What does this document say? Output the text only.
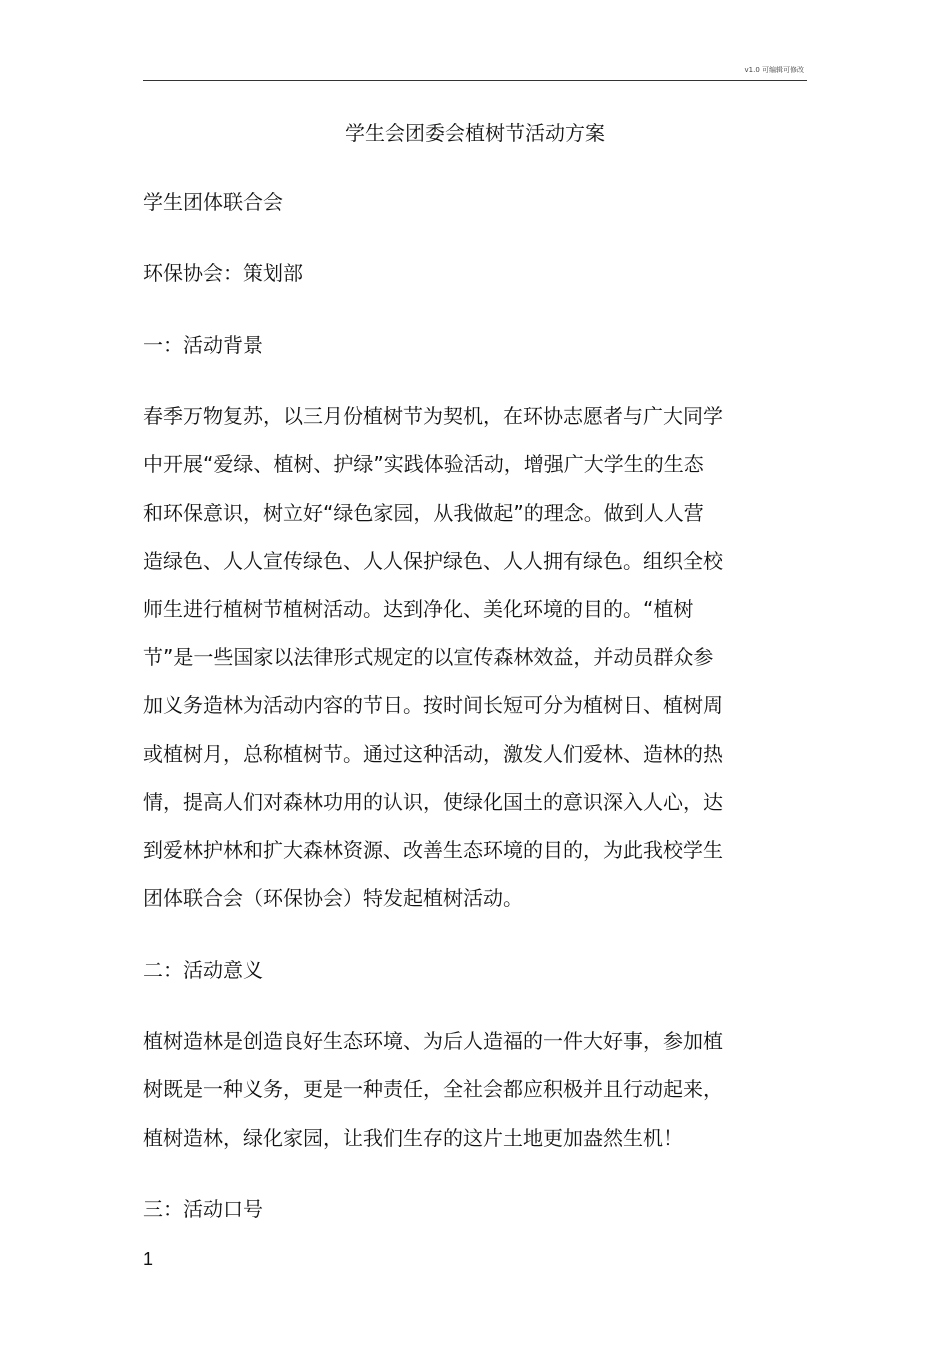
v1.0 可编辑可修改
学生会团委会植树节活动方案

学生团体联合会

环保协会：策划部

一：活动背景

春季万物复苏，以三月份植树节为契机，在环协志愿者与广大同学

中开展“爱绿、植树、护绿”实践体验活动，增强广大学生的生态

和环保意识，树立好“绿色家园，从我做起”的理念。做到人人营

造绿色、人人宣传绿色、人人保护绿色、人人拥有绿色。组织全校

师生进行植树节植树活动。达到净化、美化环境的目的。“植树

节”是一些国家以法律形式规定的以宣传森林效益，并动员群众参

加义务造林为活动内容的节日。按时间长短可分为植树日、植树周

或植树月，总称植树节。通过这种活动，激发人们爱林、造林的热

情，提高人们对森林功用的认识，使绿化国土的意识深入人心，达

到爱林护林和扩大森林资源、改善生态环境的目的，为此我校学生

团体联合会（环保协会）特发起植树活动。

二：活动意义

植树造林是创造良好生态环境、为后人造福的一件大好事，参加植

树既是一种义务，更是一种责任，全社会都应积极并且行动起来，

植树造林，绿化家园，让我们生存的这片土地更加盎然生机！

三：活动口号

1
